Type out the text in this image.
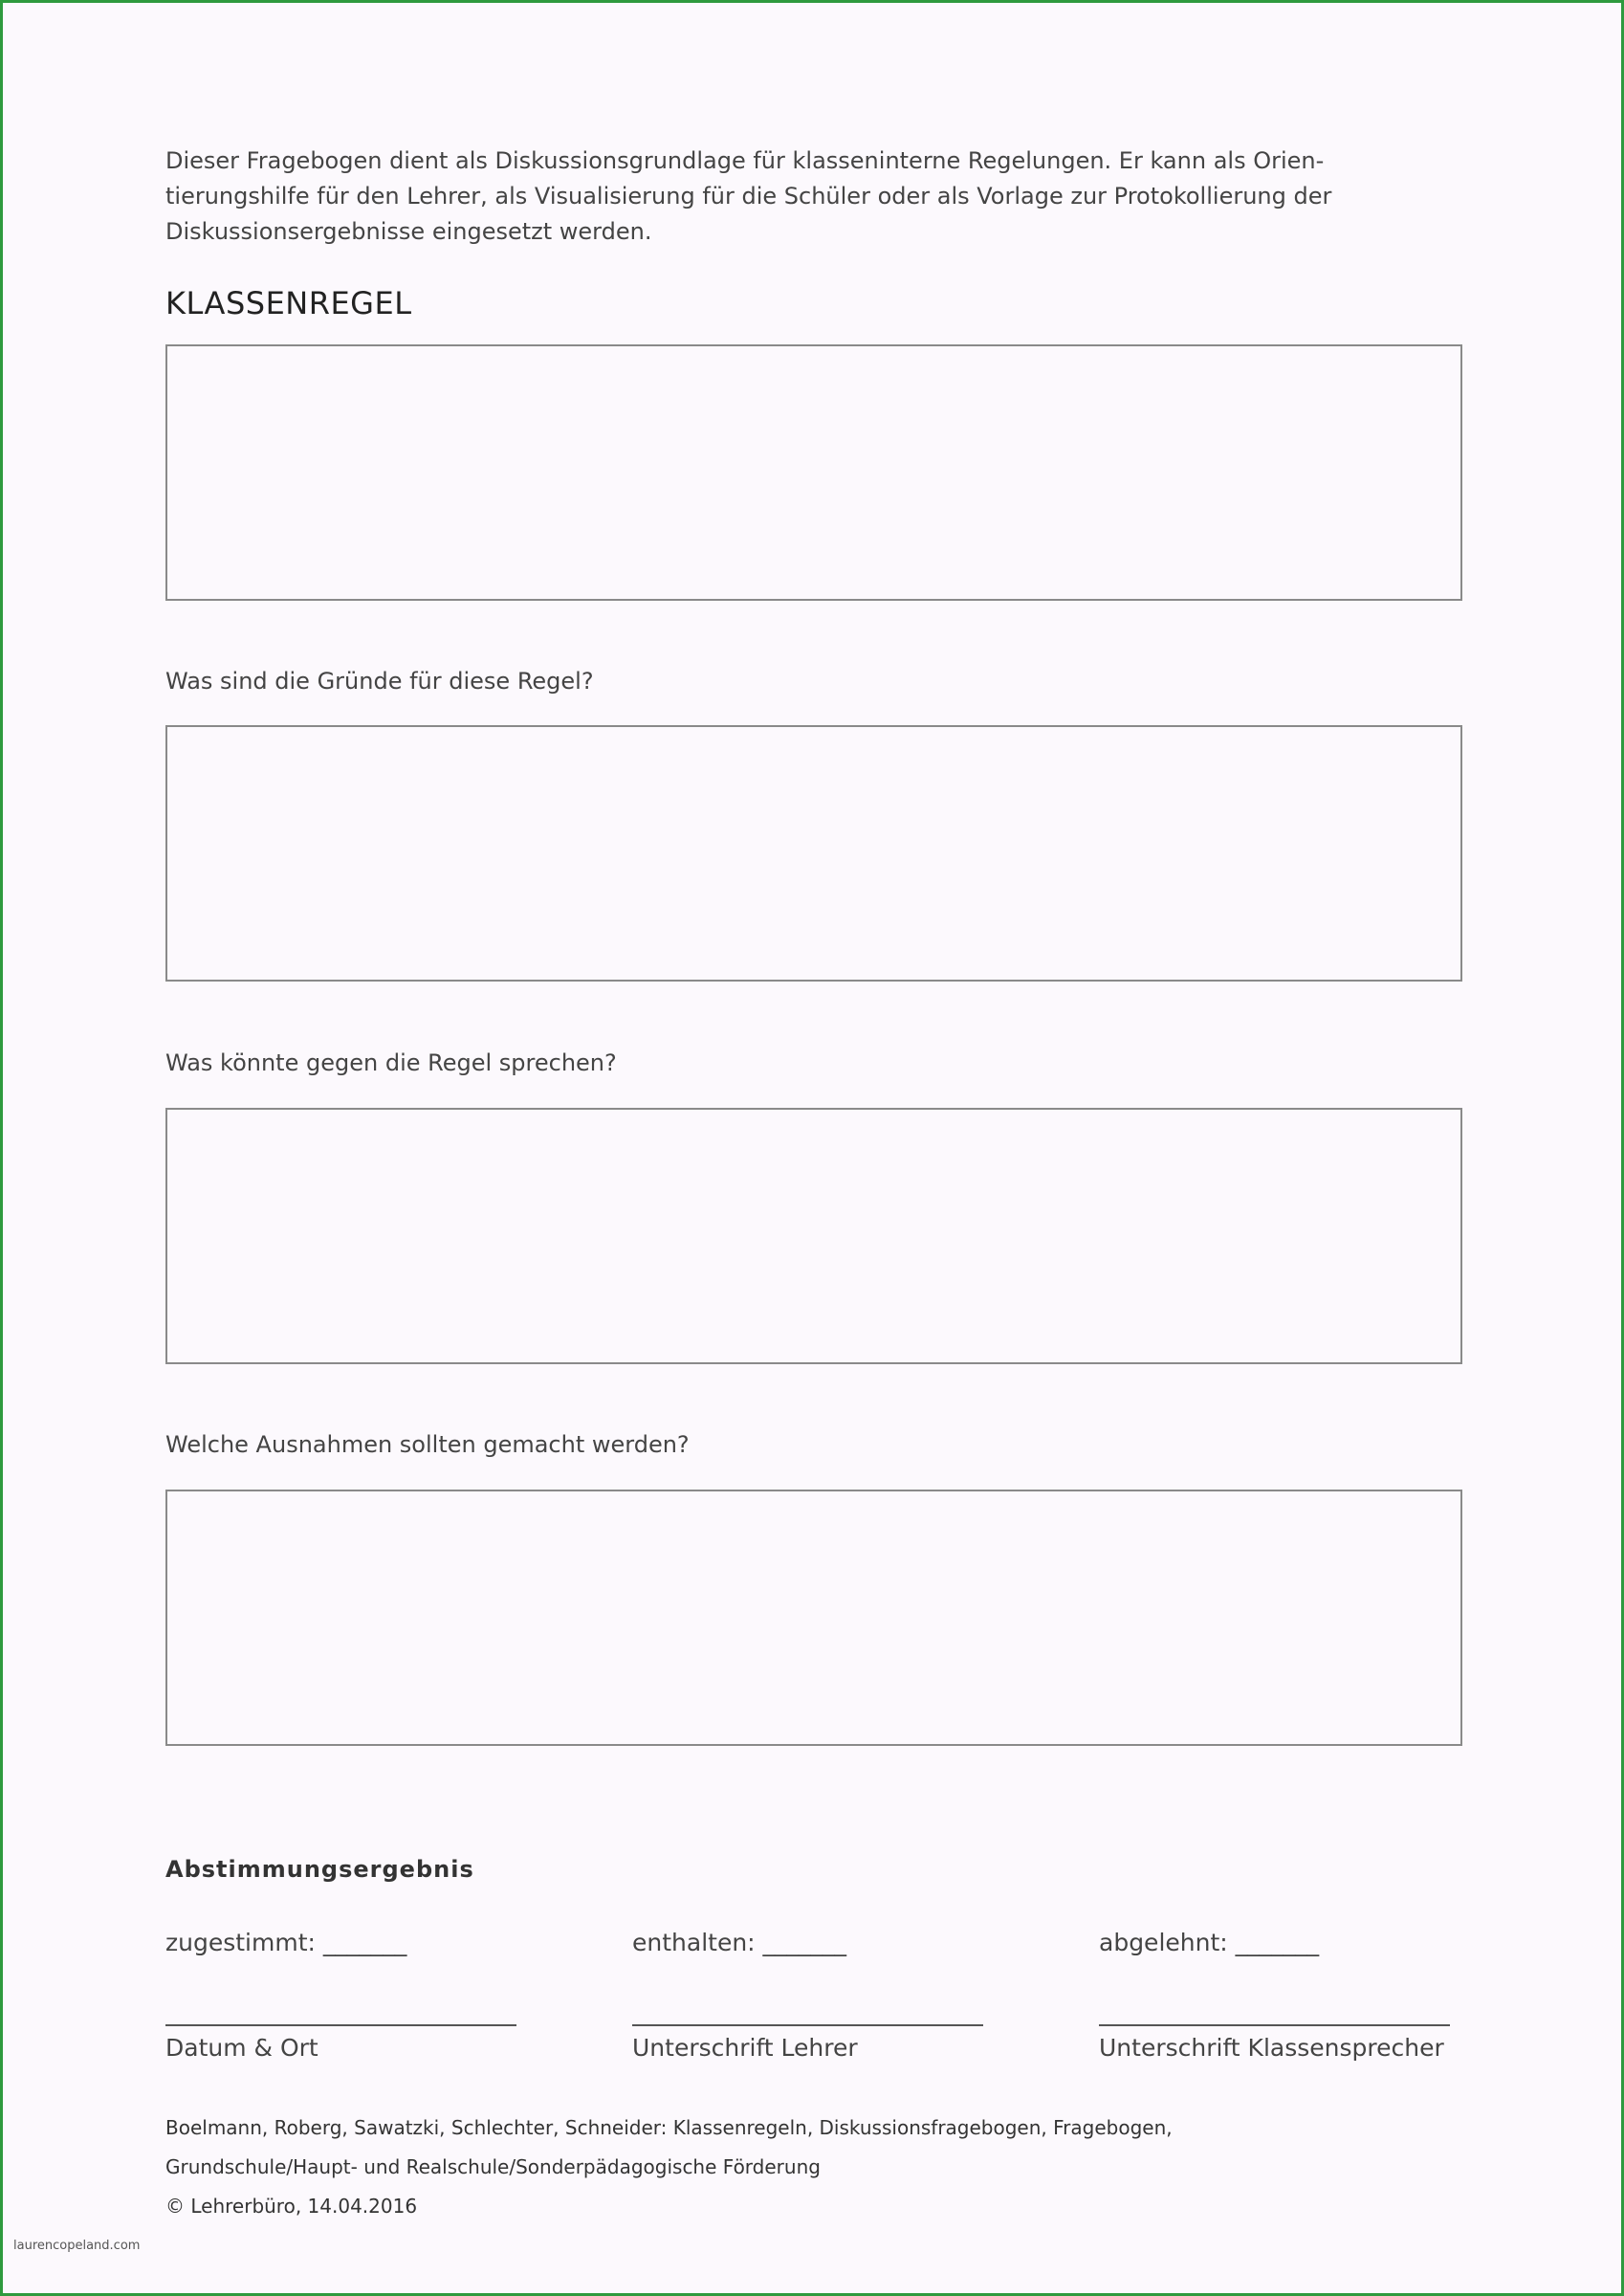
Dieser Fragebogen dient als Diskussionsgrundlage für klasseninterne Regelungen. Er kann als Orien-
tierungshilfe für den Lehrer, als Visualisierung für die Schüler oder als Vorlage zur Protokollierung der
Diskussionsergebnisse eingesetzt werden.

KLASSENREGEL

Was sind die Gründe für diese Regel?

Was könnte gegen die Regel sprechen?

Welche Ausnahmen sollten gemacht werden?

Abstimmungsergebnis

zugestimmt: _______	enthalten: _______	abgelehnt: _______
Datum & Ort	Unterschrift Lehrer	Unterschrift Klassensprecher
Boelmann, Roberg, Sawatzki, Schlechter, Schneider: Klassenregeln, Diskussionsfragebogen, Fragebogen,
Grundschule/Haupt- und Realschule/Sonderpädagogische Förderung
© Lehrerbüro, 14.04.2016
laurencopeland.com
